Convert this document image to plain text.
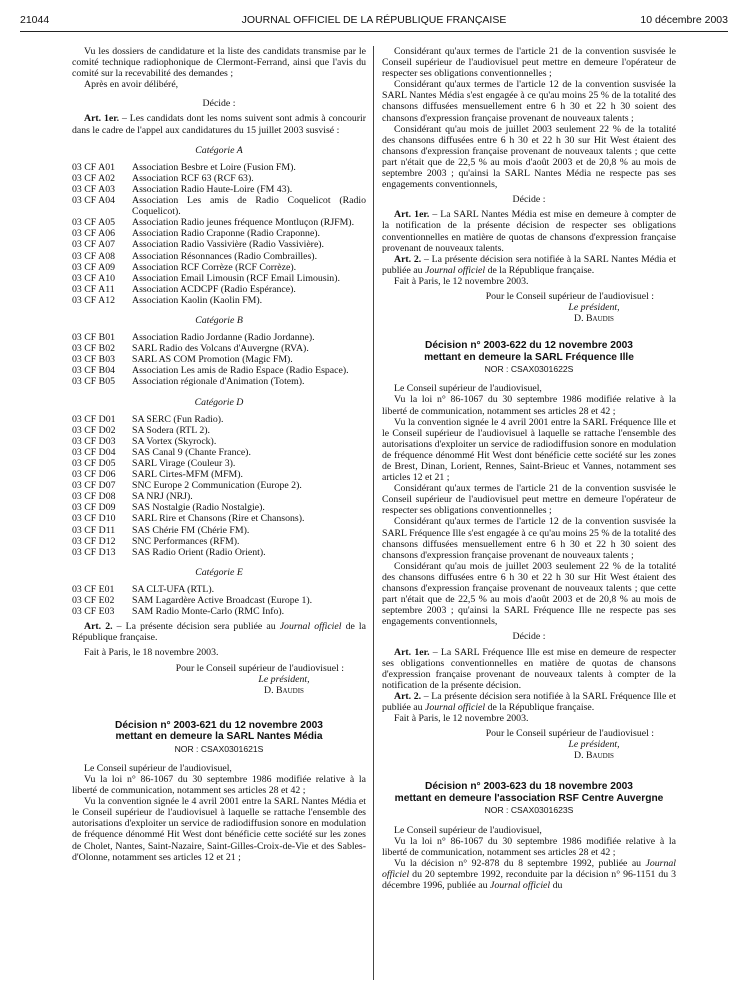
21044	JOURNAL OFFICIEL DE LA RÉPUBLIQUE FRANÇAISE	10 décembre 2003

Vu les dossiers de candidature et la liste des candidats transmise par le comité technique radiophonique de Clermont-Ferrand, ainsi que l'avis du comité sur la recevabilité des demandes ;

Après en avoir délibéré,

Décide :

Art. 1er. – Les candidats dont les noms suivent sont admis à concourir dans le cadre de l'appel aux candidatures du 15 juillet 2003 susvisé :

Catégorie A

03 CF A01	Association Besbre et Loire (Fusion FM).
03 CF A02	Association RCF 63 (RCF 63).
03 CF A03	Association Radio Haute-Loire (FM 43).
03 CF A04	Association Les amis de Radio Coquelicot (Radio Coquelicot).
03 CF A05	Association Radio jeunes fréquence Montluçon (RJFM).
03 CF A06	Association Radio Craponne (Radio Craponne).
03 CF A07	Association Radio Vassivière (Radio Vassivière).
03 CF A08	Association Résonnances (Radio Combrailles).
03 CF A09	Association RCF Corrèze (RCF Corrèze).
03 CF A10	Association Email Limousin (RCF Email Limousin).
03 CF A11	Association ACDCPF (Radio Espérance).
03 CF A12	Association Kaolin (Kaolin FM).

Catégorie B

03 CF B01	Association Radio Jordanne (Radio Jordanne).
03 CF B02	SARL Radio des Volcans d'Auvergne (RVA).
03 CF B03	SARL AS COM Promotion (Magic FM).
03 CF B04	Association Les amis de Radio Espace (Radio Espace).
03 CF B05	Association régionale d'Animation (Totem).

Catégorie D

03 CF D01	SA SERC (Fun Radio).
03 CF D02	SA Sodera (RTL 2).
03 CF D03	SA Vortex (Skyrock).
03 CF D04	SAS Canal 9 (Chante France).
03 CF D05	SARL Virage (Couleur 3).
03 CF D06	SARL Cirtes-MFM (MFM).
03 CF D07	SNC Europe 2 Communication (Europe 2).
03 CF D08	SA NRJ (NRJ).
03 CF D09	SAS Nostalgie (Radio Nostalgie).
03 CF D10	SARL Rire et Chansons (Rire et Chansons).
03 CF D11	SAS Chérie FM (Chérie FM).
03 CF D12	SNC Performances (RFM).
03 CF D13	SAS Radio Orient (Radio Orient).

Catégorie E

03 CF E01	SA CLT-UFA (RTL).
03 CF E02	SAM Lagardère Active Broadcast (Europe 1).
03 CF E03	SAM Radio Monte-Carlo (RMC Info).

Art. 2. – La présente décision sera publiée au Journal officiel de la République française.

Fait à Paris, le 18 novembre 2003.

Pour le Conseil supérieur de l'audiovisuel :

Le président,

D. Baudis

Décision n° 2003-621 du 12 novembre 2003

mettant en demeure la SARL Nantes Média

NOR : CSAX0301621S

Le Conseil supérieur de l'audiovisuel,

Vu la loi n° 86-1067 du 30 septembre 1986 modifiée relative à la liberté de communication, notamment ses articles 28 et 42 ;

Vu la convention signée le 4 avril 2001 entre la SARL Nantes Média et le Conseil supérieur de l'audiovisuel à laquelle se rattache l'ensemble des autorisations d'exploiter un service de radiodiffusion sonore en modulation de fréquence dénommé Hit West dont bénéficie cette société sur les zones de Cholet, Nantes, Saint-Nazaire, Saint-Gilles-Croix-de-Vie et des Sables-d'Olonne, notamment ses articles 12 et 21 ;

Considérant qu'aux termes de l'article 21 de la convention susvisée le Conseil supérieur de l'audiovisuel peut mettre en demeure l'opérateur de respecter ses obligations conventionnelles ;

Considérant qu'aux termes de l'article 12 de la convention susvisée la SARL Nantes Média s'est engagée à ce qu'au moins 25 % de la totalité des chansons diffusées mensuellement entre 6 h 30 et 22 h 30 soient des chansons d'expression française provenant de nouveaux talents ;

Considérant qu'au mois de juillet 2003 seulement 22 % de la totalité des chansons diffusées entre 6 h 30 et 22 h 30 sur Hit West étaient des chansons d'expression française provenant de nouveaux talents ; que cette part n'était que de 22,5 % au mois d'août 2003 et de 20,8 % au mois de septembre 2003 ; qu'ainsi la SARL Nantes Média ne respecte pas ses engagements conventionnels,

Décide :

Art. 1er. – La SARL Nantes Média est mise en demeure à compter de la notification de la présente décision de respecter ses obligations conventionnelles en matière de quotas de chansons d'expression française provenant de nouveaux talents.

Art. 2. – La présente décision sera notifiée à la SARL Nantes Média et publiée au Journal officiel de la République française.

Fait à Paris, le 12 novembre 2003.

Pour le Conseil supérieur de l'audiovisuel :

Le président,

D. Baudis

Décision n° 2003-622 du 12 novembre 2003

mettant en demeure la SARL Fréquence Ille

NOR : CSAX0301622S

Le Conseil supérieur de l'audiovisuel,

Vu la loi n° 86-1067 du 30 septembre 1986 modifiée relative à la liberté de communication, notamment ses articles 28 et 42 ;

Vu la convention signée le 4 avril 2001 entre la SARL Fréquence Ille et le Conseil supérieur de l'audiovisuel à laquelle se rattache l'ensemble des autorisations d'exploiter un service de radiodiffusion sonore en modulation de fréquence dénommé Hit West dont bénéficie cette société sur les zones de Brest, Dinan, Lorient, Rennes, Saint-Brieuc et Vannes, notamment ses articles 12 et 21 ;

Considérant qu'aux termes de l'article 21 de la convention susvisée le Conseil supérieur de l'audiovisuel peut mettre en demeure l'opérateur de respecter ses obligations conventionnelles ;

Considérant qu'aux termes de l'article 12 de la convention susvisée la SARL Fréquence Ille s'est engagée à ce qu'au moins 25 % de la totalité des chansons diffusées mensuellement entre 6 h 30 et 22 h 30 soient des chansons d'expression française provenant de nouveaux talents ;

Considérant qu'au mois de juillet 2003 seulement 22 % de la totalité des chansons diffusées entre 6 h 30 et 22 h 30 sur Hit West étaient des chansons d'expression française provenant de nouveaux talents ; que cette part n'était que de 22,5 % au mois d'août 2003 et de 20,8 % au mois de septembre 2003 ; qu'ainsi la SARL Fréquence Ille ne respecte pas ses engagements conventionnels,

Décide :

Art. 1er. – La SARL Fréquence Ille est mise en demeure de respecter ses obligations conventionnelles en matière de quotas de chansons d'expression française provenant de nouveaux talents à compter de la notification de la présente décision.

Art. 2. – La présente décision sera notifiée à la SARL Fréquence Ille et publiée au Journal officiel de la République française.

Fait à Paris, le 12 novembre 2003.

Pour le Conseil supérieur de l'audiovisuel :

Le président,

D. Baudis

Décision n° 2003-623 du 18 novembre 2003

mettant en demeure l'association RSF Centre Auvergne

NOR : CSAX0301623S

Le Conseil supérieur de l'audiovisuel,

Vu la loi n° 86-1067 du 30 septembre 1986 modifiée relative à la liberté de communication, notamment ses articles 28 et 42 ;

Vu la décision n° 92-878 du 8 septembre 1992, publiée au Journal officiel du 20 septembre 1992, reconduite par la décision n° 96-1151 du 3 décembre 1996, publiée au Journal officiel du
